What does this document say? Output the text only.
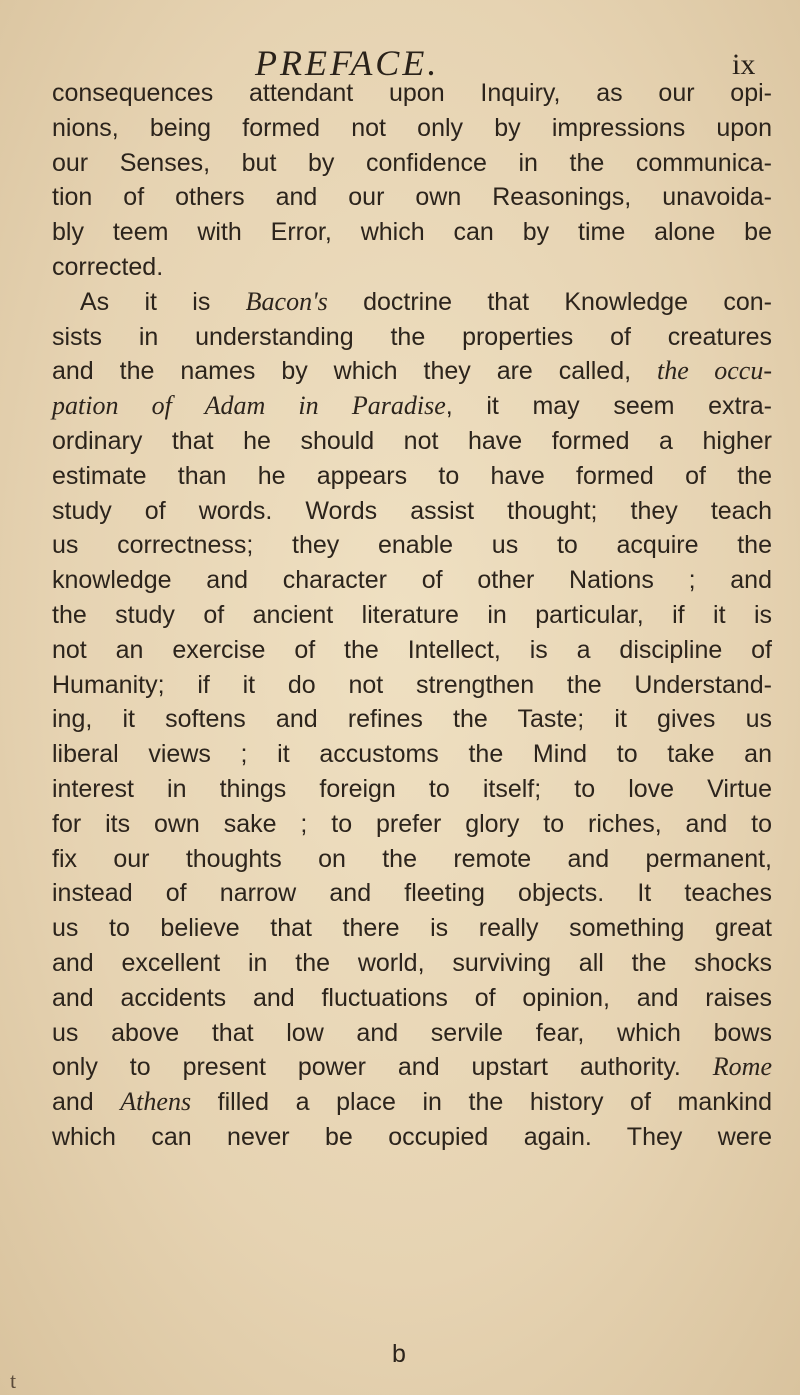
PREFACE.	ix
consequences attendant upon Inquiry, as our opi-
nions, being formed not only by impressions upon
our Senses, but by confidence in the communica-
tion of others and our own Reasonings, unavoida-
bly teem with Error, which can by time alone be
corrected.
As it is Bacon's doctrine that Knowledge con-
sists in understanding the properties of creatures
and the names by which they are called, the occu-
pation of Adam in Paradise, it may seem extra-
ordinary that he should not have formed a higher
estimate than he appears to have formed of the
study of words. Words assist thought; they teach
us correctness; they enable us to acquire the
knowledge and character of other Nations ; and
the study of ancient literature in particular, if it is
not an exercise of the Intellect, is a discipline of
Humanity; if it do not strengthen the Understand-
ing, it softens and refines the Taste; it gives us
liberal views ; it accustoms the Mind to take an
interest in things foreign to itself; to love Virtue
for its own sake ; to prefer glory to riches, and to
fix our thoughts on the remote and permanent,
instead of narrow and fleeting objects. It teaches
us to believe that there is really something great
and excellent in the world, surviving all the shocks
and accidents and fluctuations of opinion, and raises
us above that low and servile fear, which bows
only to present power and upstart authority. Rome
and Athens filled a place in the history of mankind
which can never be occupied again. They were
b
t
